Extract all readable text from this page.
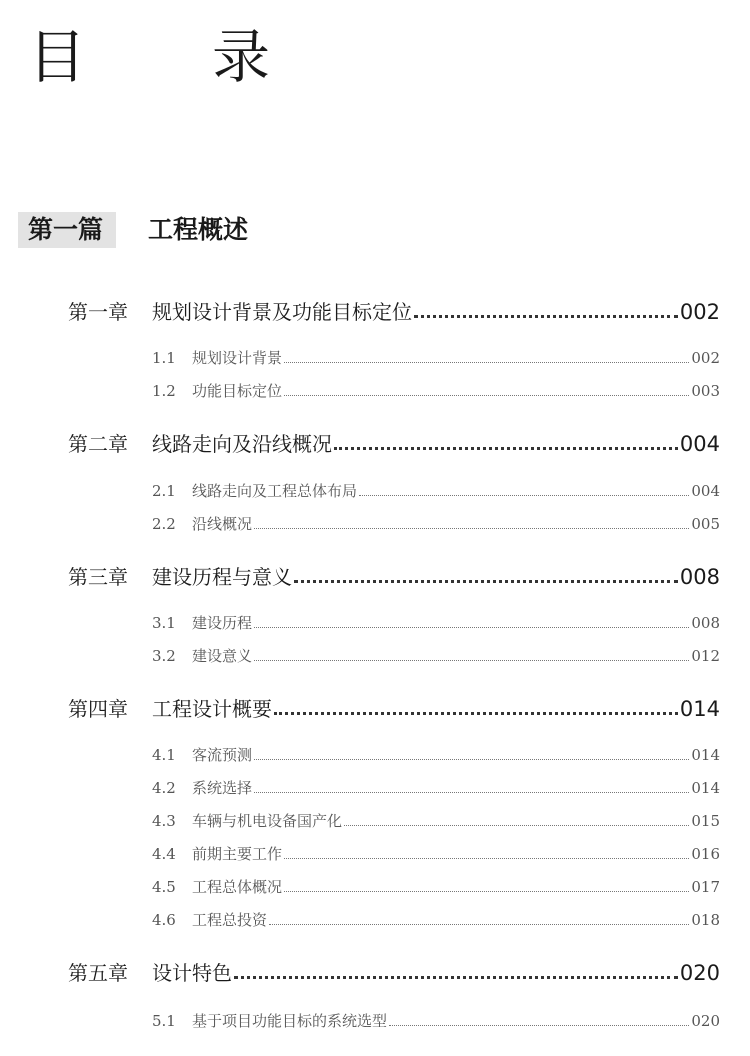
目　录
第一篇	工程概述
第一章	规划设计背景及功能目标定位	002
1.1	规划设计背景	002
1.2	功能目标定位	003
第二章	线路走向及沿线概况	004
2.1	线路走向及工程总体布局	004
2.2	沿线概况	005
第三章	建设历程与意义	008
3.1	建设历程	008
3.2	建设意义	012
第四章	工程设计概要	014
4.1	客流预测	014
4.2	系统选择	014
4.3	车辆与机电设备国产化	015
4.4	前期主要工作	016
4.5	工程总体概况	017
4.6	工程总投资	018
第五章	设计特色	020
5.1	基于项目功能目标的系统选型	020
